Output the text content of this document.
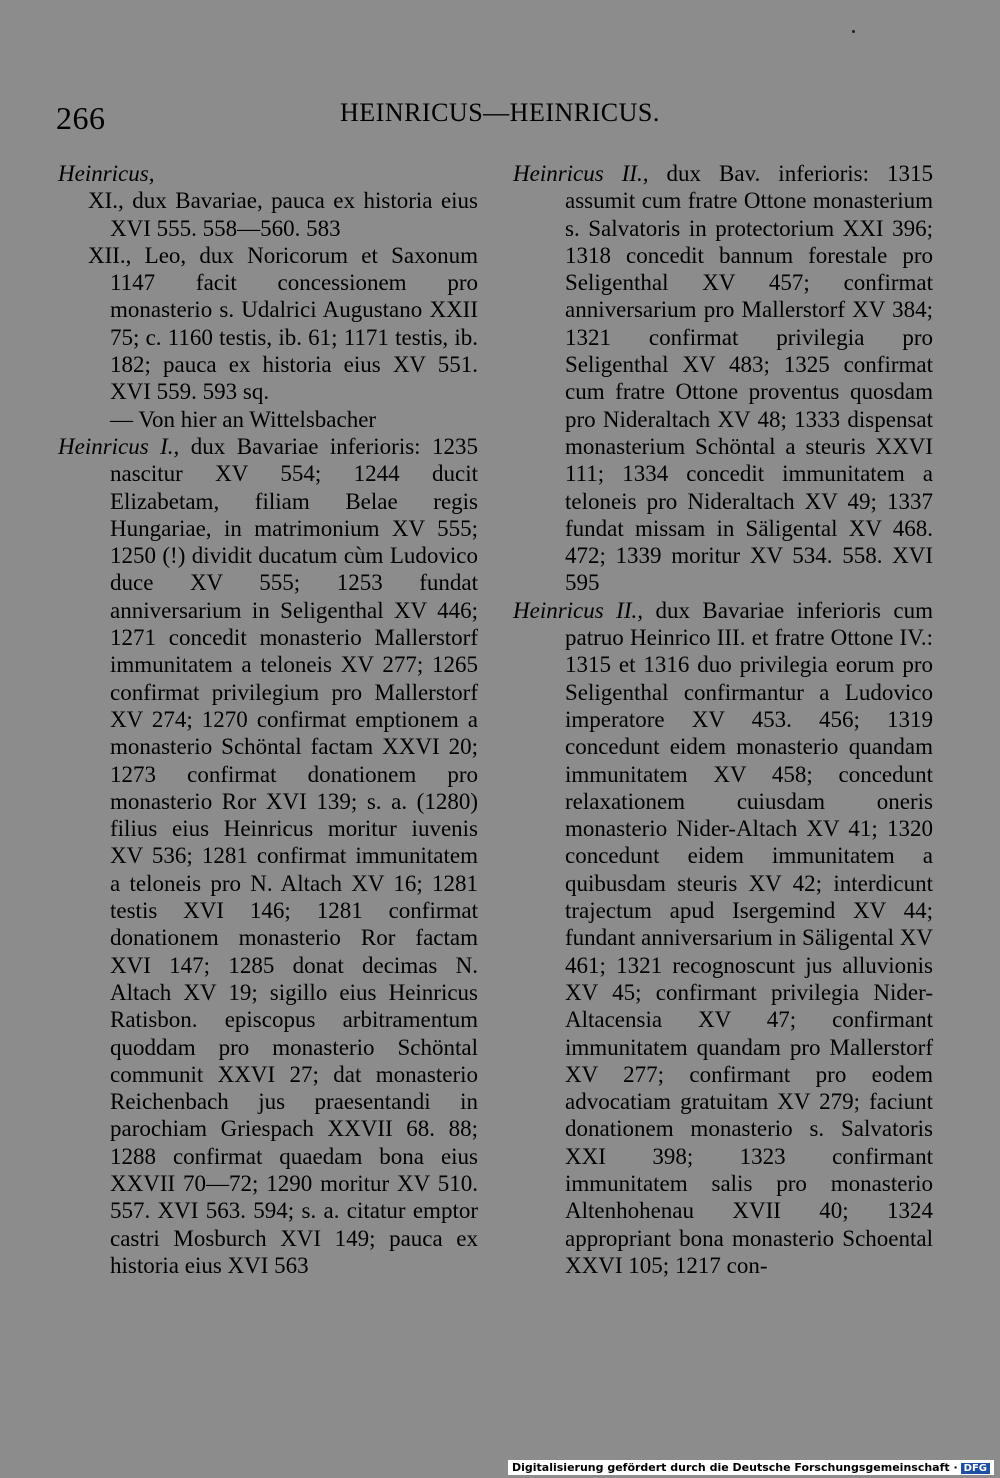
266	HEINRICUS—HEINRICUS.

Heinricus,

XI., dux Bavariae, pauca ex historia eius XVI 555. 558—560. 583

XII., Leo, dux Noricorum et Saxonum 1147 facit concessionem pro monasterio s. Udalrici Augustano XXII 75; c. 1160 testis, ib. 61; 1171 testis, ib. 182; pauca ex historia eius XV 551. XVI 559. 593 sq.

— Von hier an Wittelsbacher

Heinricus I., dux Bavariae inferioris: 1235 nascitur XV 554; 1244 ducit Elizabetam, filiam Belae regis Hungariae, in matrimonium XV 555; 1250 (!) dividit ducatum cùm Ludovico duce XV 555; 1253 fundat anniversarium in Seligenthal XV 446; 1271 concedit monasterio Mallerstorf immunitatem a teloneis XV 277; 1265 confirmat privilegium pro Mallerstorf XV 274; 1270 confirmat emptionem a monasterio Schöntal factam XXVI 20; 1273 confirmat donationem pro monasterio Ror XVI 139; s. a. (1280) filius eius Heinricus moritur iuvenis XV 536; 1281 confirmat immunitatem a teloneis pro N. Altach XV 16; 1281 testis XVI 146; 1281 confirmat donationem monasterio Ror factam XVI 147; 1285 donat decimas N. Altach XV 19; sigillo eius Heinricus Ratisbon. episcopus arbitramentum quoddam pro monasterio Schöntal communit XXVI 27; dat monasterio Reichenbach jus praesentandi in parochiam Griespach XXVII 68. 88; 1288 confirmat quaedam bona eius XXVII 70—72; 1290 moritur XV 510. 557. XVI 563. 594; s. a. citatur emptor castri Mosburch XVI 149; pauca ex historia eius XVI 563

Heinricus II., dux Bav. inferioris: 1315 assumit cum fratre Ottone monasterium s. Salvatoris in protectorium XXI 396; 1318 concedit bannum forestale pro Seligenthal XV 457; confirmat anniversarium pro Mallerstorf XV 384; 1321 confirmat privilegia pro Seligenthal XV 483; 1325 confirmat cum fratre Ottone proventus quosdam pro Nideraltach XV 48; 1333 dispensat monasterium Schöntal a steuris XXVI 111; 1334 concedit immunitatem a teloneis pro Nideraltach XV 49; 1337 fundat missam in Säligental XV 468. 472; 1339 moritur XV 534. 558. XVI 595

Heinricus II., dux Bavariae inferioris cum patruo Heinrico III. et fratre Ottone IV.: 1315 et 1316 duo privilegia eorum pro Seligenthal confirmantur a Ludovico imperatore XV 453. 456; 1319 concedunt eidem monasterio quandam immunitatem XV 458; concedunt relaxationem cuiusdam oneris monasterio Nider-Altach XV 41; 1320 concedunt eidem immunitatem a quibusdam steuris XV 42; interdicunt trajectum apud Isergemind XV 44; fundant anniversarium in Säligental XV 461; 1321 recognoscunt jus alluvionis XV 45; confirmant privilegia Nider-Altacensia XV 47; confirmant immunitatem quandam pro Mallerstorf XV 277; confirmant pro eodem advocatiam gratuitam XV 279; faciunt donationem monasterio s. Salvatoris XXI 398; 1323 confirmant immunitatem salis pro monasterio Altenhohenau XVII 40; 1324 appropriant bona monasterio Schoental XXVI 105; 1217 con-

Digitalisierung gefördert durch die Deutsche Forschungsgemeinschaft · DFG
